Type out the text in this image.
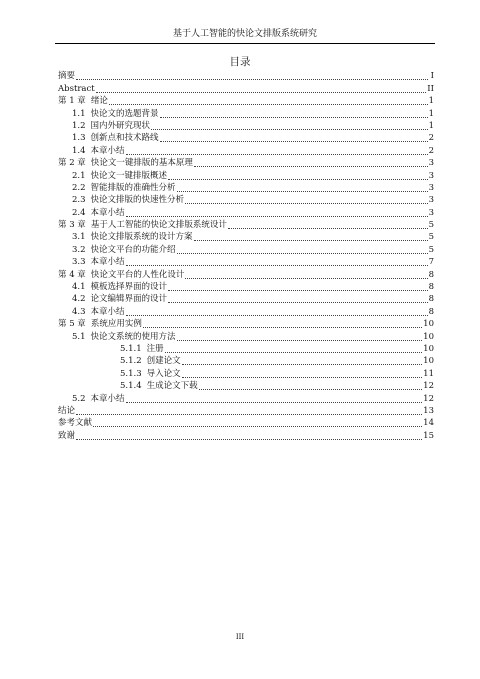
基于人工智能的快论文排版系统研究
目录
摘要	I
Abstract	II
第 1 章 绪论	1
1.1 快论文的选题背景	1
1.2 国内外研究现状	1
1.3 创新点和技术路线	2
1.4 本章小结	2
第 2 章 快论文一键排版的基本原理	3
2.1 快论文一键排版概述	3
2.2 智能排版的准确性分析	3
2.3 快论文排版的快速性分析	3
2.4 本章小结	3
第 3 章 基于人工智能的快论文排版系统设计	5
3.1 快论文排版系统的设计方案	5
3.2 快论文平台的功能介绍	5
3.3 本章小结	7
第 4 章 快论文平台的人性化设计	8
4.1 模板选择界面的设计	8
4.2 论文编辑界面的设计	8
4.3 本章小结	8
第 5 章 系统应用实例	10
5.1 快论文系统的使用方法	10
5.1.1 注册	10
5.1.2 创建论文	10
5.1.3 导入论文	11
5.1.4 生成论文下载	12
5.2 本章小结	12
结论	13
参考文献	14
致谢	15
III
